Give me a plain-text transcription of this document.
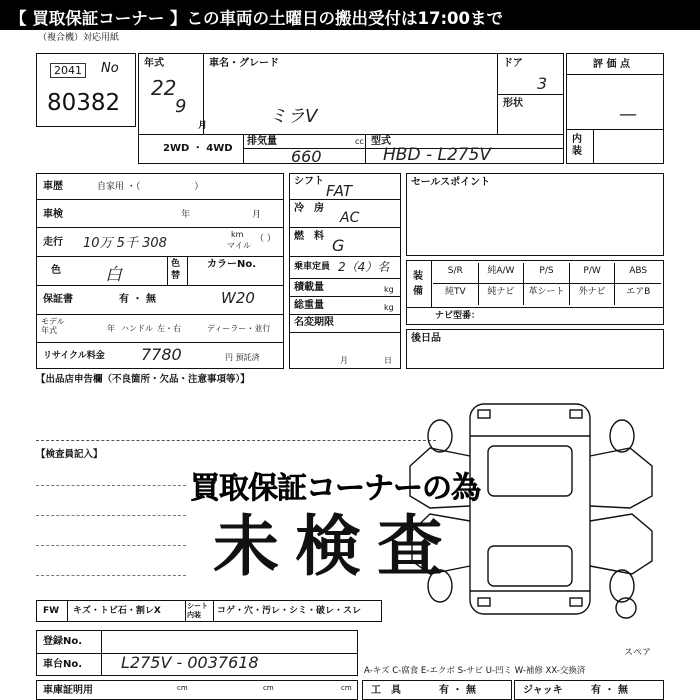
【 買取保証コーナー 】この車両の土曜日の搬出受付は17:00まで
（複合機）対応用紙
2041	No
80382
年式
22
9
月
車名・グレード
ミラV
ドア
3
形状
2WD ・ 4WD
排気量	cc
660
型式
HBD - L275V
評 価 点
—
内装
車歴	自家用 ・（　　　　　　）
車検	年	月
走行 10万 5千 308
km
マイル
（ ）
色	白
色替
カラーNo.
保証書	有 ・ 無	W20
モデル年式	年 ハンドル 左・右	ディーラー・並行
リサイクル料金 7780	円 預託済
シフト
FAT
冷　房
AC
燃　料 G
乗車定員 2（4）名
積載量	kg
総重量	kg
名変期限
月	日
セールスポイント
装備
S/R	純A/W	P/S	P/W	ABS
純TV	純ナビ	革シート	外ナビ	エアB
ナビ型番：
後日品
【出品店申告欄（不良箇所・欠品・注意事項等）】
【検査員記入】
買取保証コーナーの為
未検査
FW キズ・トビ石・割レX	シート内装	コゲ・穴・汚レ・シミ・破レ・スレ
登録No.
車台No. L275V - 0037618	スペア
A-キズ C-腐食 E-エクボ S-サビ U-凹ミ W-補修 XX-交換済
車庫証明用	cm	cm	cm 工　具	有 ・ 無	ジャッキ	有 ・ 無
